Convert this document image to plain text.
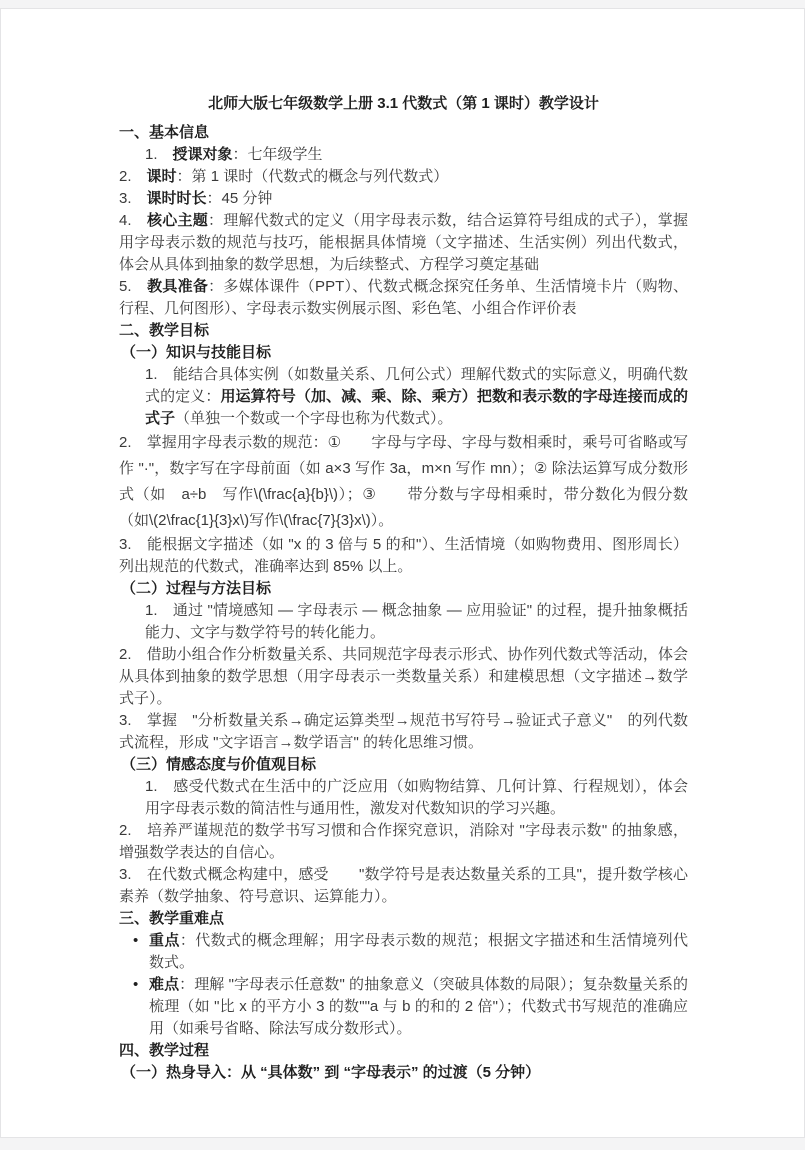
北师大版七年级数学上册 3.1 代数式（第 1 课时）教学设计
一、基本信息
1.　授课对象：七年级学生
2.　课时：第 1 课时（代数式的概念与列代数式）
3.　课时时长：45 分钟
4.　核心主题：理解代数式的定义（用字母表示数，结合运算符号组成的式子），掌握用字母表示数的规范与技巧，能根据具体情境（文字描述、生活实例）列出代数式，体会从具体到抽象的数学思想，为后续整式、方程学习奠定基础
5.　教具准备：多媒体课件（PPT）、代数式概念探究任务单、生活情境卡片（购物、行程、几何图形）、字母表示数实例展示图、彩色笔、小组合作评价表
二、教学目标
（一）知识与技能目标
1.　能结合具体实例（如数量关系、几何公式）理解代数式的实际意义，明确代数式的定义：用运算符号（加、减、乘、除、乘方）把数和表示数的字母连接而成的式子（单独一个数或一个字母也称为代数式）。
2.　掌握用字母表示数的规范：①　　字母与字母、字母与数相乘时，乘号可省略或写作 "·"，数字写在字母前面（如 a×3 写作 3a，m×n 写作 mn）；② 除法运算写成分数形式（如　a÷b　写作\(\frac{a}{b}\)）；③　　带分数与字母相乘时，带分数化为假分数（如\(2\frac{1}{3}x\)写作\(\frac{7}{3}x\)）。
3.　能根据文字描述（如 "x 的 3 倍与 5 的和"）、生活情境（如购物费用、图形周长）列出规范的代数式，准确率达到 85% 以上。
（二）过程与方法目标
1.　通过 "情境感知 — 字母表示 — 概念抽象 — 应用验证" 的过程，提升抽象概括能力、文字与数学符号的转化能力。
2.　借助小组合作分析数量关系、共同规范字母表示形式、协作列代数式等活动，体会从具体到抽象的数学思想（用字母表示一类数量关系）和建模思想（文字描述→数学式子）。
3.　掌握　"分析数量关系→确定运算类型→规范书写符号→验证式子意义"　的列代数式流程，形成 "文字语言→数学语言" 的转化思维习惯。
（三）情感态度与价值观目标
1.　感受代数式在生活中的广泛应用（如购物结算、几何计算、行程规划），体会用字母表示数的简洁性与通用性，激发对代数知识的学习兴趣。
2.　培养严谨规范的数学书写习惯和合作探究意识，消除对 "字母表示数" 的抽象感，增强数学表达的自信心。
3.　在代数式概念构建中，感受　　"数学符号是表达数量关系的工具"，提升数学核心素养（数学抽象、符号意识、运算能力）。
三、教学重难点
• 重点：代数式的概念理解；用字母表示数的规范；根据文字描述和生活情境列代数式。
• 难点：理解 "字母表示任意数" 的抽象意义（突破具体数的局限）；复杂数量关系的梳理（如 "比 x 的平方小 3 的数""a 与 b 的和的 2 倍"）；代数式书写规范的准确应用（如乘号省略、除法写成分数形式）。
四、教学过程
（一）热身导入：从 “具体数” 到 “字母表示” 的过渡（5 分钟）
